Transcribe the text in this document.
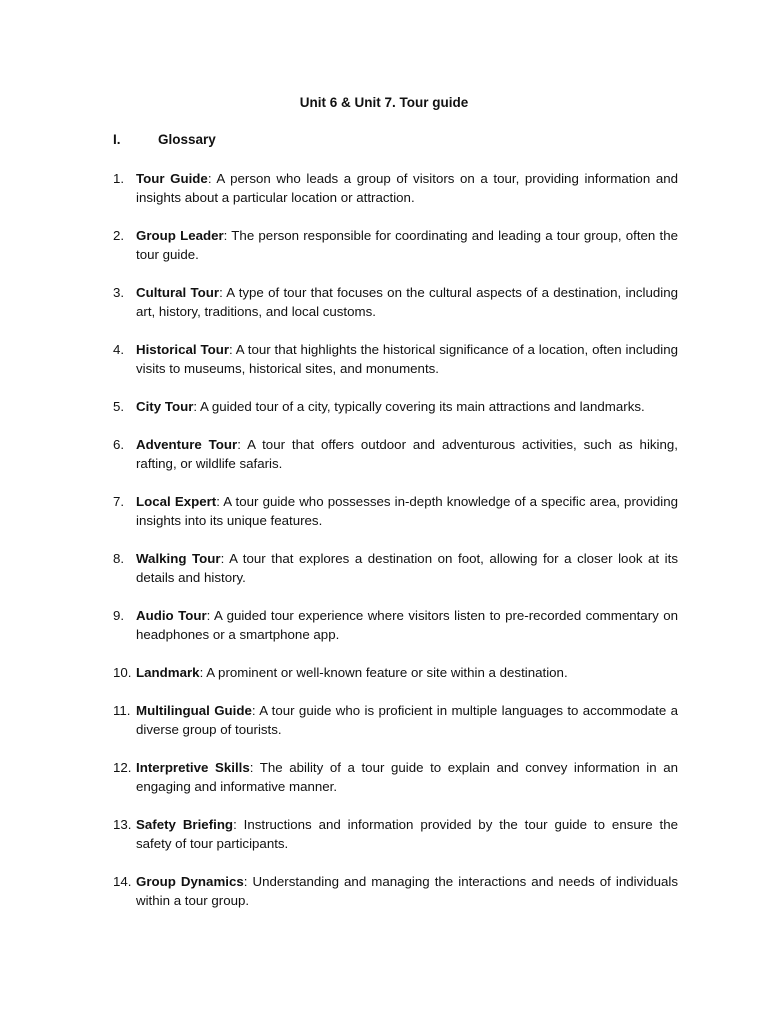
Unit 6 & Unit 7. Tour guide
I.	Glossary
1. Tour Guide: A person who leads a group of visitors on a tour, providing information and insights about a particular location or attraction.
2. Group Leader: The person responsible for coordinating and leading a tour group, often the tour guide.
3. Cultural Tour: A type of tour that focuses on the cultural aspects of a destination, including art, history, traditions, and local customs.
4. Historical Tour: A tour that highlights the historical significance of a location, often including visits to museums, historical sites, and monuments.
5. City Tour: A guided tour of a city, typically covering its main attractions and landmarks.
6. Adventure Tour: A tour that offers outdoor and adventurous activities, such as hiking, rafting, or wildlife safaris.
7. Local Expert: A tour guide who possesses in-depth knowledge of a specific area, providing insights into its unique features.
8. Walking Tour: A tour that explores a destination on foot, allowing for a closer look at its details and history.
9. Audio Tour: A guided tour experience where visitors listen to pre-recorded commentary on headphones or a smartphone app.
10. Landmark: A prominent or well-known feature or site within a destination.
11. Multilingual Guide: A tour guide who is proficient in multiple languages to accommodate a diverse group of tourists.
12. Interpretive Skills: The ability of a tour guide to explain and convey information in an engaging and informative manner.
13. Safety Briefing: Instructions and information provided by the tour guide to ensure the safety of tour participants.
14. Group Dynamics: Understanding and managing the interactions and needs of individuals within a tour group.
